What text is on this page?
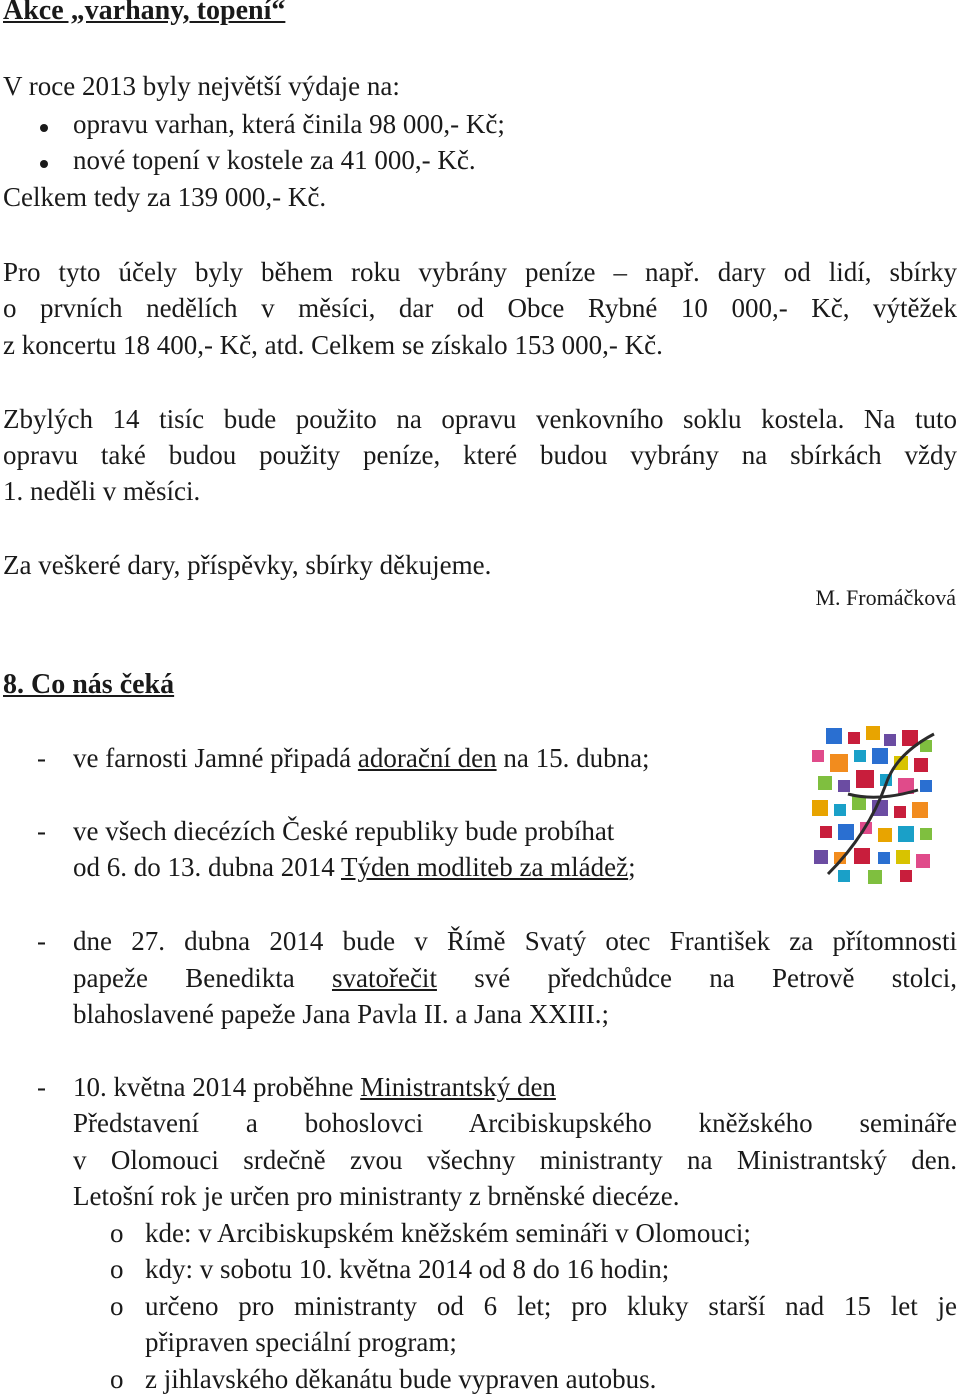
Akce „varhany, topení“
V roce 2013 byly největší výdaje na:
opravu varhan, která činila 98 000,- Kč;
nové topení v kostele za 41 000,- Kč.
Celkem tedy za 139 000,- Kč.
Pro tyto účely byly během roku vybrány peníze – např. dary od lidí, sbírky
o prvních nedělích v měsíci, dar od Obce Rybné 10 000,- Kč, výtěžek
z koncertu 18 400,- Kč, atd. Celkem se získalo 153 000,- Kč.
Zbylých 14 tisíc bude použito na opravu venkovního soklu kostela. Na tuto
opravu také budou použity peníze, které budou vybrány na sbírkách vždy
1. neděli v měsíci.
Za veškeré dary, příspěvky, sbírky děkujeme.
M. Fromáčková
8. Co nás čeká
- ve farnosti Jamné připadá adorační den na 15. dubna;
- ve všech diecézích České republiky bude probíhat
od 6. do 13. dubna 2014 Týden modliteb za mládež;
- dne 27. dubna 2014 bude v Římě Svatý otec František za přítomnosti
papeže Benedikta svatořečit své předchůdce na Petrově stolci,
blahoslavené papeže Jana Pavla II. a Jana XXIII.;
- 10. května 2014 proběhne Ministrantský den
Představení a bohoslovci Arcibiskupského kněžského semináře
v Olomouci srdečně zvou všechny ministranty na Ministrantský den.
Letošní rok je určen pro ministranty z brněnské diecéze.
o kde: v Arcibiskupském kněžském semináři v Olomouci;
o kdy: v sobotu 10. května 2014 od 8 do 16 hodin;
o určeno pro ministranty od 6 let; pro kluky starší nad 15 let je
připraven speciální program;
o z jihlavského děkanátu bude vypraven autobus.
